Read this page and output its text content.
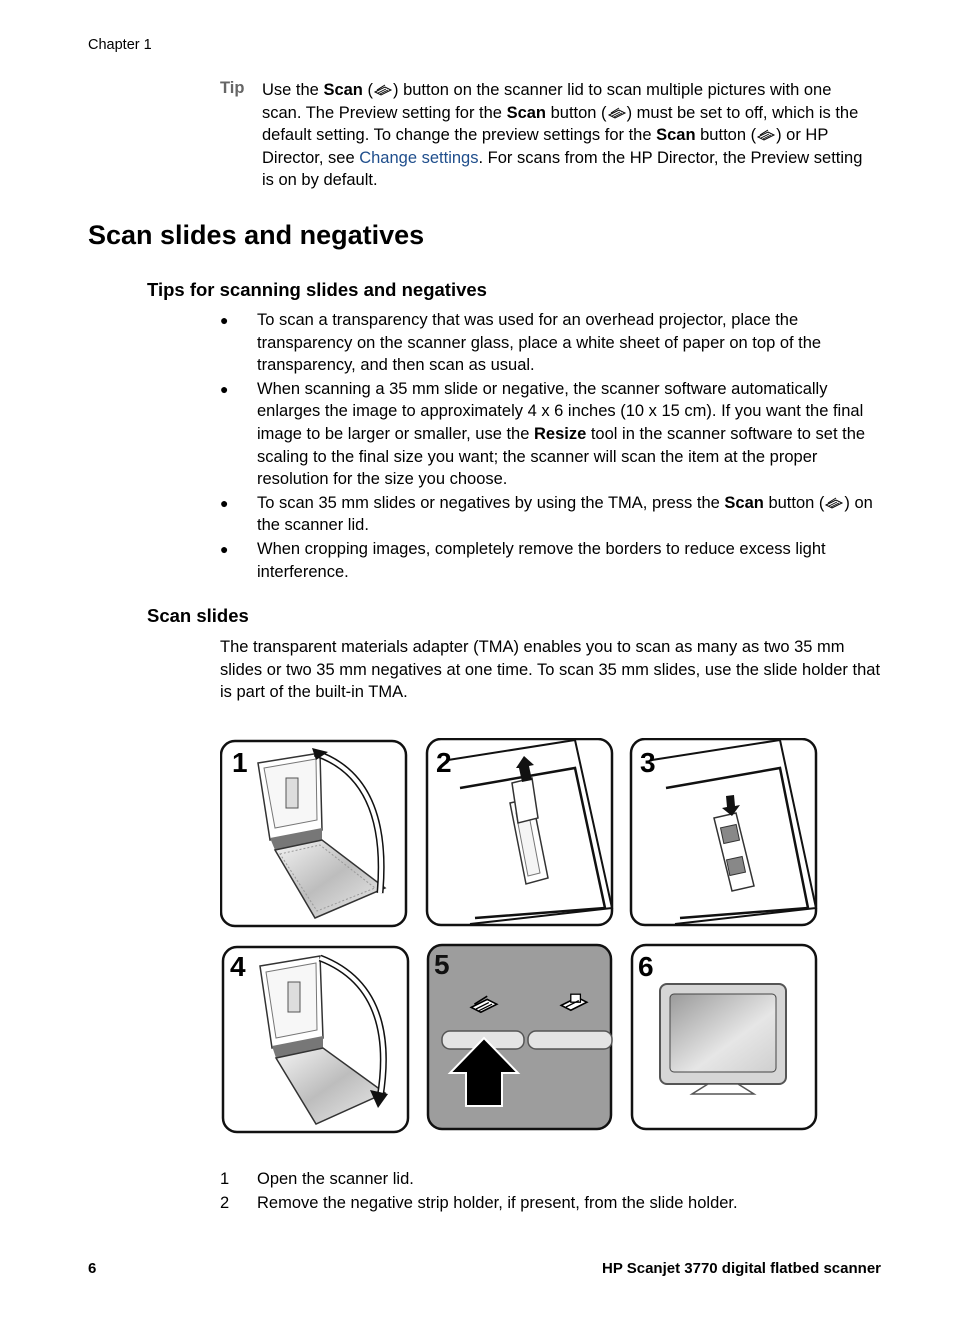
Chapter 1
Tip Use the Scan ( ) button on the scanner lid to scan multiple pictures with one scan. The Preview setting for the Scan button ( ) must be set to off, which is the default setting. To change the preview settings for the Scan button ( ) or HP Director, see Change settings. For scans from the HP Director, the Preview setting is on by default.
Scan slides and negatives
Tips for scanning slides and negatives
● To scan a transparency that was used for an overhead projector, place the transparency on the scanner glass, place a white sheet of paper on top of the transparency, and then scan as usual.
● When scanning a 35 mm slide or negative, the scanner software automatically enlarges the image to approximately 4 x 6 inches (10 x 15 cm). If you want the final image to be larger or smaller, use the Resize tool in the scanner software to set the scaling to the final size you want; the scanner will scan the item at the proper resolution for the size you choose.
● To scan 35 mm slides or negatives by using the TMA, press the Scan button ( ) on the scanner lid.
● When cropping images, completely remove the borders to reduce excess light interference.
Scan slides
The transparent materials adapter (TMA) enables you to scan as many as two 35 mm slides or two 35 mm negatives at one time. To scan 35 mm slides, use the slide holder that is part of the built-in TMA.
1	2	3
4	5	6
1 Open the scanner lid.
2 Remove the negative strip holder, if present, from the slide holder.
6	HP Scanjet 3770 digital flatbed scanner
